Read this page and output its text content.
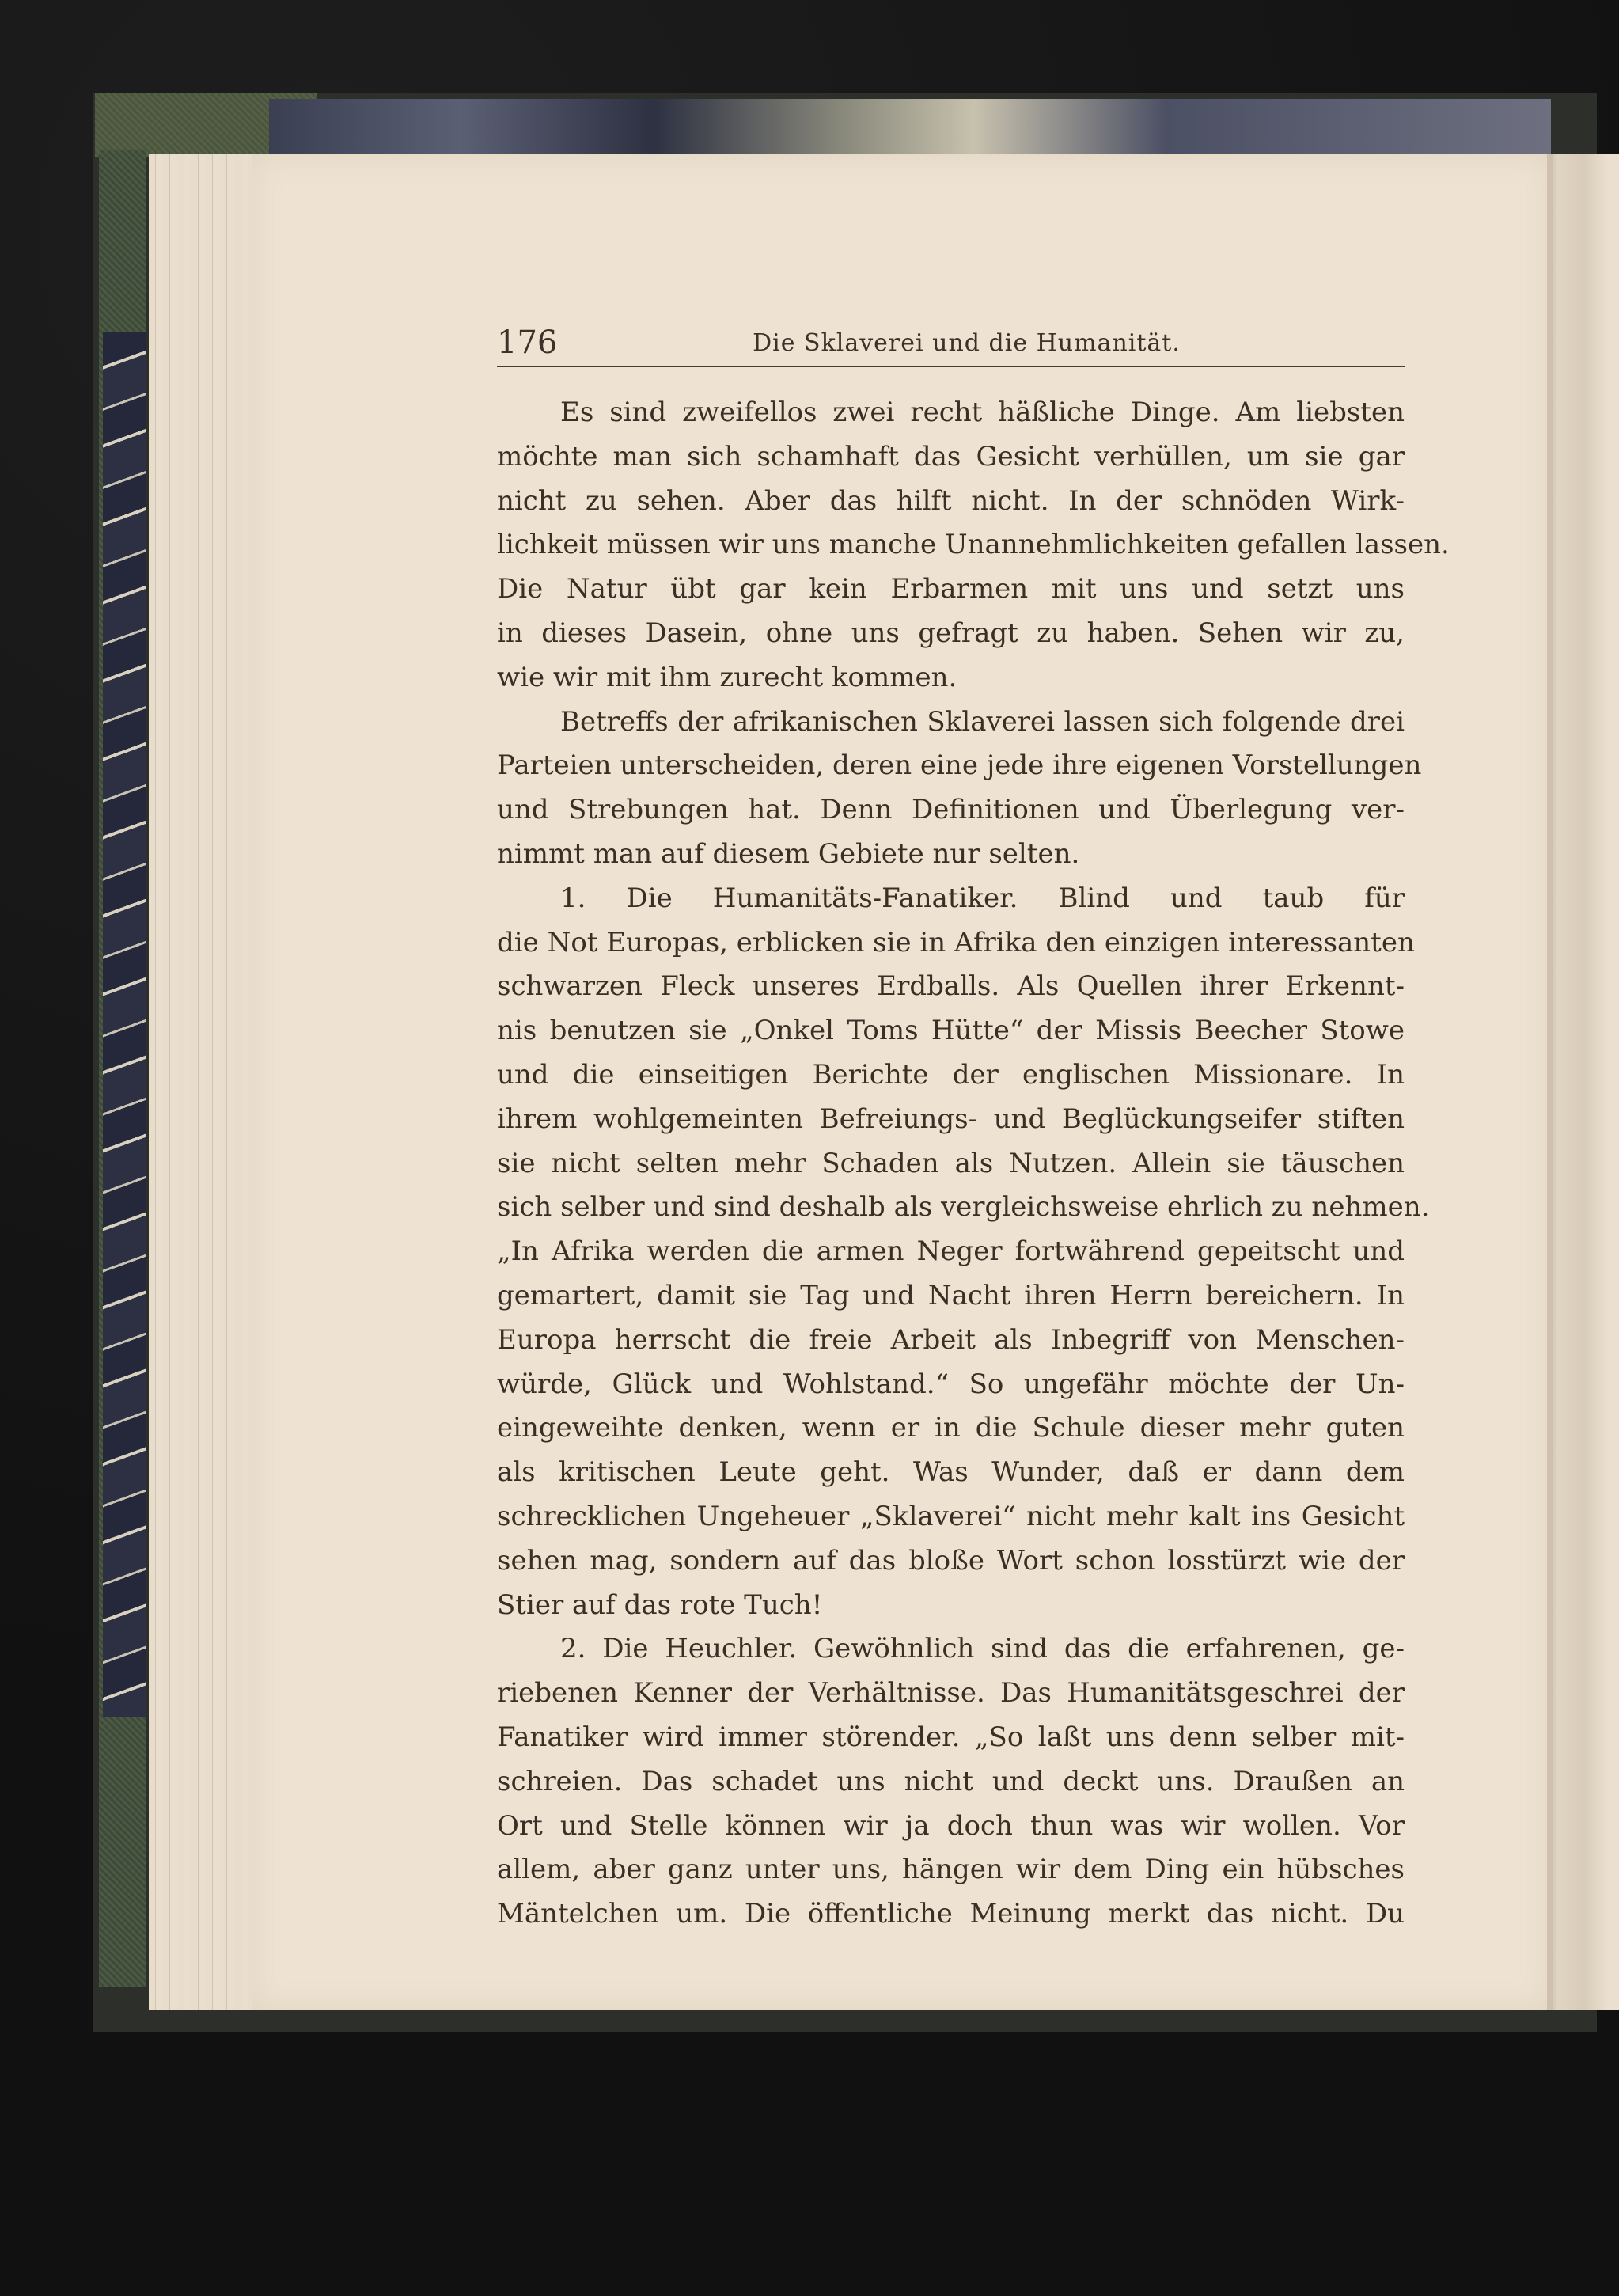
176	Die Sklaverei und die Humanität.
Es sind zweifellos zwei recht häßliche Dinge. Am liebsten
möchte man sich schamhaft das Gesicht verhüllen, um sie gar
nicht zu sehen. Aber das hilft nicht. In der schnöden Wirk-
lichkeit müssen wir uns manche Unannehmlichkeiten gefallen lassen.
Die Natur übt gar kein Erbarmen mit uns und setzt uns
in dieses Dasein, ohne uns gefragt zu haben. Sehen wir zu,
wie wir mit ihm zurecht kommen.
Betreffs der afrikanischen Sklaverei lassen sich folgende drei
Parteien unterscheiden, deren eine jede ihre eigenen Vorstellungen
und Strebungen hat. Denn Definitionen und Überlegung ver-
nimmt man auf diesem Gebiete nur selten.
1. Die Humanitäts-Fanatiker. Blind und taub für
die Not Europas, erblicken sie in Afrika den einzigen interessanten
schwarzen Fleck unseres Erdballs. Als Quellen ihrer Erkennt-
nis benutzen sie „Onkel Toms Hütte“ der Missis Beecher Stowe
und die einseitigen Berichte der englischen Missionare. In
ihrem wohlgemeinten Befreiungs- und Beglückungseifer stiften
sie nicht selten mehr Schaden als Nutzen. Allein sie täuschen
sich selber und sind deshalb als vergleichsweise ehrlich zu nehmen.
„In Afrika werden die armen Neger fortwährend gepeitscht und
gemartert, damit sie Tag und Nacht ihren Herrn bereichern. In
Europa herrscht die freie Arbeit als Inbegriff von Menschen-
würde, Glück und Wohlstand.“ So ungefähr möchte der Un-
eingeweihte denken, wenn er in die Schule dieser mehr guten
als kritischen Leute geht. Was Wunder, daß er dann dem
schrecklichen Ungeheuer „Sklaverei“ nicht mehr kalt ins Gesicht
sehen mag, sondern auf das bloße Wort schon losstürzt wie der
Stier auf das rote Tuch!
2. Die Heuchler. Gewöhnlich sind das die erfahrenen, ge-
riebenen Kenner der Verhältnisse. Das Humanitätsgeschrei der
Fanatiker wird immer störender. „So laßt uns denn selber mit-
schreien. Das schadet uns nicht und deckt uns. Draußen an
Ort und Stelle können wir ja doch thun was wir wollen. Vor
allem, aber ganz unter uns, hängen wir dem Ding ein hübsches
Mäntelchen um. Die öffentliche Meinung merkt das nicht. Du
